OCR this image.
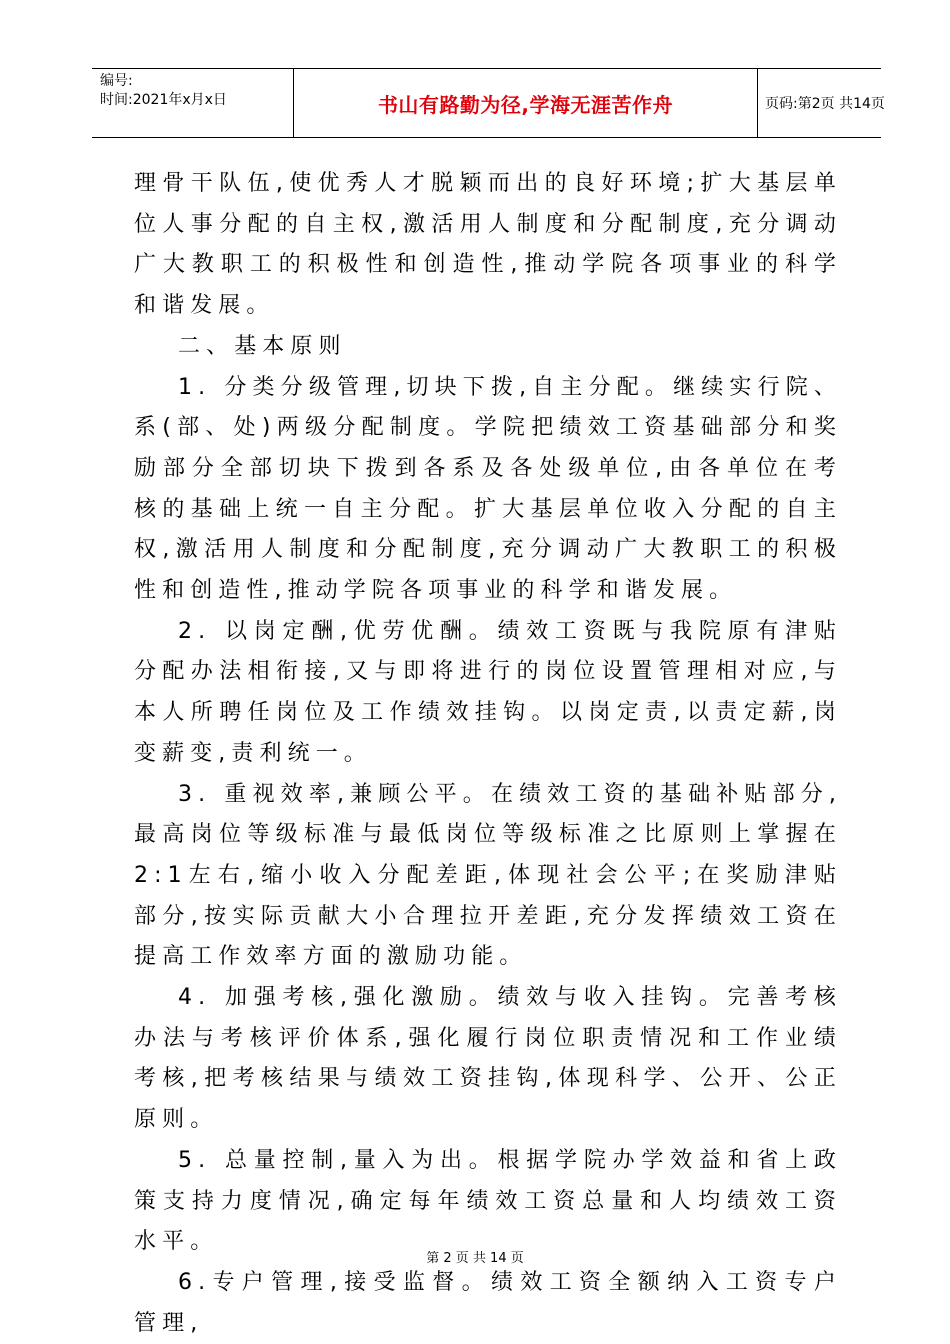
编号:
时间:2021年x月x日	书山有路勤为径,学海无涯苦作舟	页码:第2页 共14页

理骨干队伍,使优秀人才脱颖而出的良好环境;扩大基层单位人事分配的自主权,激活用人制度和分配制度,充分调动广大教职工的积极性和创造性,推动学院各项事业的科学和谐发展。

二、基本原则

1. 分类分级管理,切块下拨,自主分配。继续实行院、系(部、处)两级分配制度。学院把绩效工资基础部分和奖励部分全部切块下拨到各系及各处级单位,由各单位在考核的基础上统一自主分配。扩大基层单位收入分配的自主权,激活用人制度和分配制度,充分调动广大教职工的积极性和创造性,推动学院各项事业的科学和谐发展。

2. 以岗定酬,优劳优酬。绩效工资既与我院原有津贴分配办法相衔接,又与即将进行的岗位设置管理相对应,与本人所聘任岗位及工作绩效挂钩。以岗定责,以责定薪,岗变薪变,责利统一。

3. 重视效率,兼顾公平。在绩效工资的基础补贴部分,最高岗位等级标准与最低岗位等级标准之比原则上掌握在2:1左右,缩小收入分配差距,体现社会公平;在奖励津贴部分,按实际贡献大小合理拉开差距,充分发挥绩效工资在提高工作效率方面的激励功能。

4. 加强考核,强化激励。绩效与收入挂钩。完善考核办法与考核评价体系,强化履行岗位职责情况和工作业绩考核,把考核结果与绩效工资挂钩,体现科学、公开、公正原则。

5. 总量控制,量入为出。根据学院办学效益和省上政策支持力度情况,确定每年绩效工资总量和人均绩效工资水平。

6.专户管理,接受监督。绩效工资全额纳入工资专户管理,

第 2 页 共 14 页
